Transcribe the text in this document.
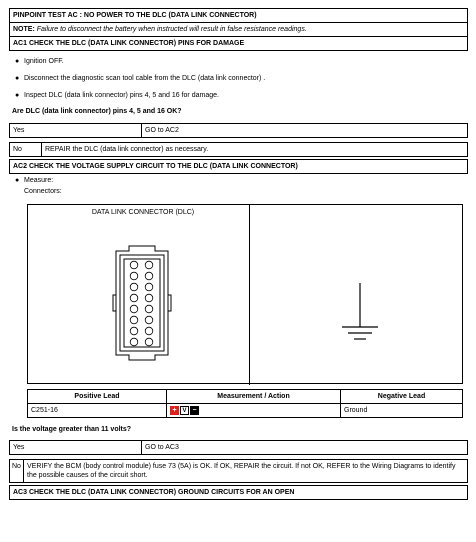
PINPOINT TEST AC : NO POWER TO THE DLC (DATA LINK CONNECTOR)
NOTE: Failure to disconnect the battery when instructed will result in false resistance readings.
AC1 CHECK THE DLC (DATA LINK CONNECTOR) PINS FOR DAMAGE
● Ignition OFF.
● Disconnect the diagnostic scan tool cable from the DLC (data link connector) .
● Inspect DLC (data link connector) pins 4, 5 and 16 for damage.
Are DLC (data link connector) pins 4, 5 and 16 OK?
Yes	GO to AC2
No	REPAIR the DLC (data link connector) as necessary.
AC2 CHECK THE VOLTAGE SUPPLY CIRCUIT TO THE DLC (DATA LINK CONNECTOR)
● Measure:
Connectors:
DATA LINK CONNECTOR (DLC)
Positive Lead	Measurement / Action	Negative Lead
C251-16	+ V −	Ground
Is the voltage greater than 11 volts?
Yes	GO to AC3
No VERIFY the BCM (body control module) fuse 73 (5A) is OK. If OK, REPAIR the circuit. If not OK, REFER to the Wiring Diagrams to identify the possible causes of the circuit short.
AC3 CHECK THE DLC (DATA LINK CONNECTOR) GROUND CIRCUITS FOR AN OPEN
